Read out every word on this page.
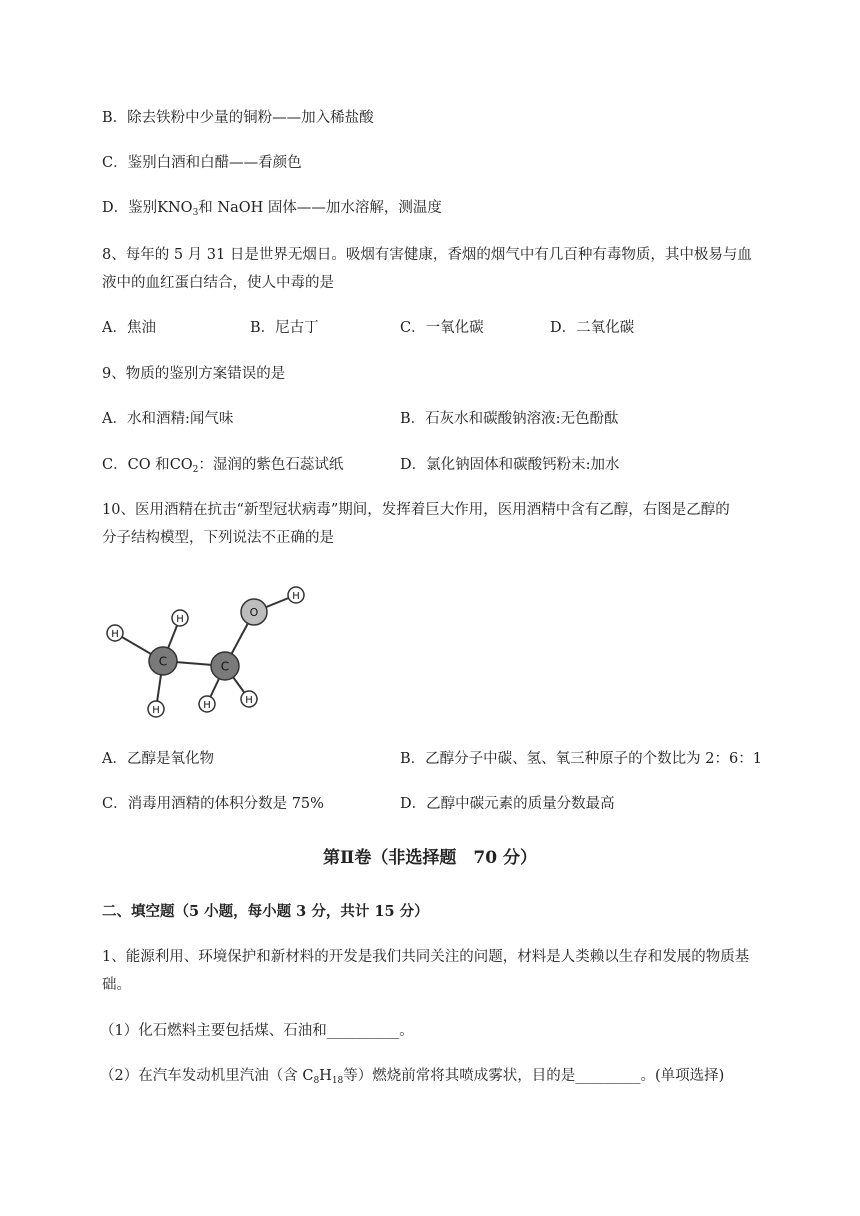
B．除去铁粉中少量的铜粉——加入稀盐酸
C．鉴别白酒和白醋——看颜色
D．鉴别$KNO_3$和 NaOH 固体——加水溶解，测温度
8、每年的 5 月 31 日是世界无烟日。吸烟有害健康，香烟的烟气中有几百种有毒物质，其中极易与血
液中的血红蛋白结合，使人中毒的是
A．焦油	B．尼古丁	C．一氧化碳	D．二氧化碳
9、物质的鉴别方案错误的是
A．水和酒精:闻气味	B．石灰水和碳酸钠溶液:无色酚酞
C．CO 和$CO_2$：湿润的紫色石蕊试纸	D．氯化钠固体和碳酸钙粉末:加水
10、医用酒精在抗击“新型冠状病毒”期间，发挥着巨大作用，医用酒精中含有乙醇，右图是乙醇的
分子结构模型，下列说法不正确的是
C	C
O
H
H
H	H	H
H
A．乙醇是氧化物	B．乙醇分子中碳、氢、氧三种原子的个数比为 2：6：1
C．消毒用酒精的体积分数是 75%	D．乙醇中碳元素的质量分数最高
第Ⅱ卷（非选择题　70 分）
二、填空题（5 小题，每小题 3 分，共计 15 分）
1、能源利用、环境保护和新材料的开发是我们共同关注的问题，材料是人类赖以生存和发展的物质基
础。
（1）化石燃料主要包括煤、石油和__________。
（2）在汽车发动机里汽油（含 $C_8H_{18}$等）燃烧前常将其喷成雾状，目的是_________。(单项选择)
